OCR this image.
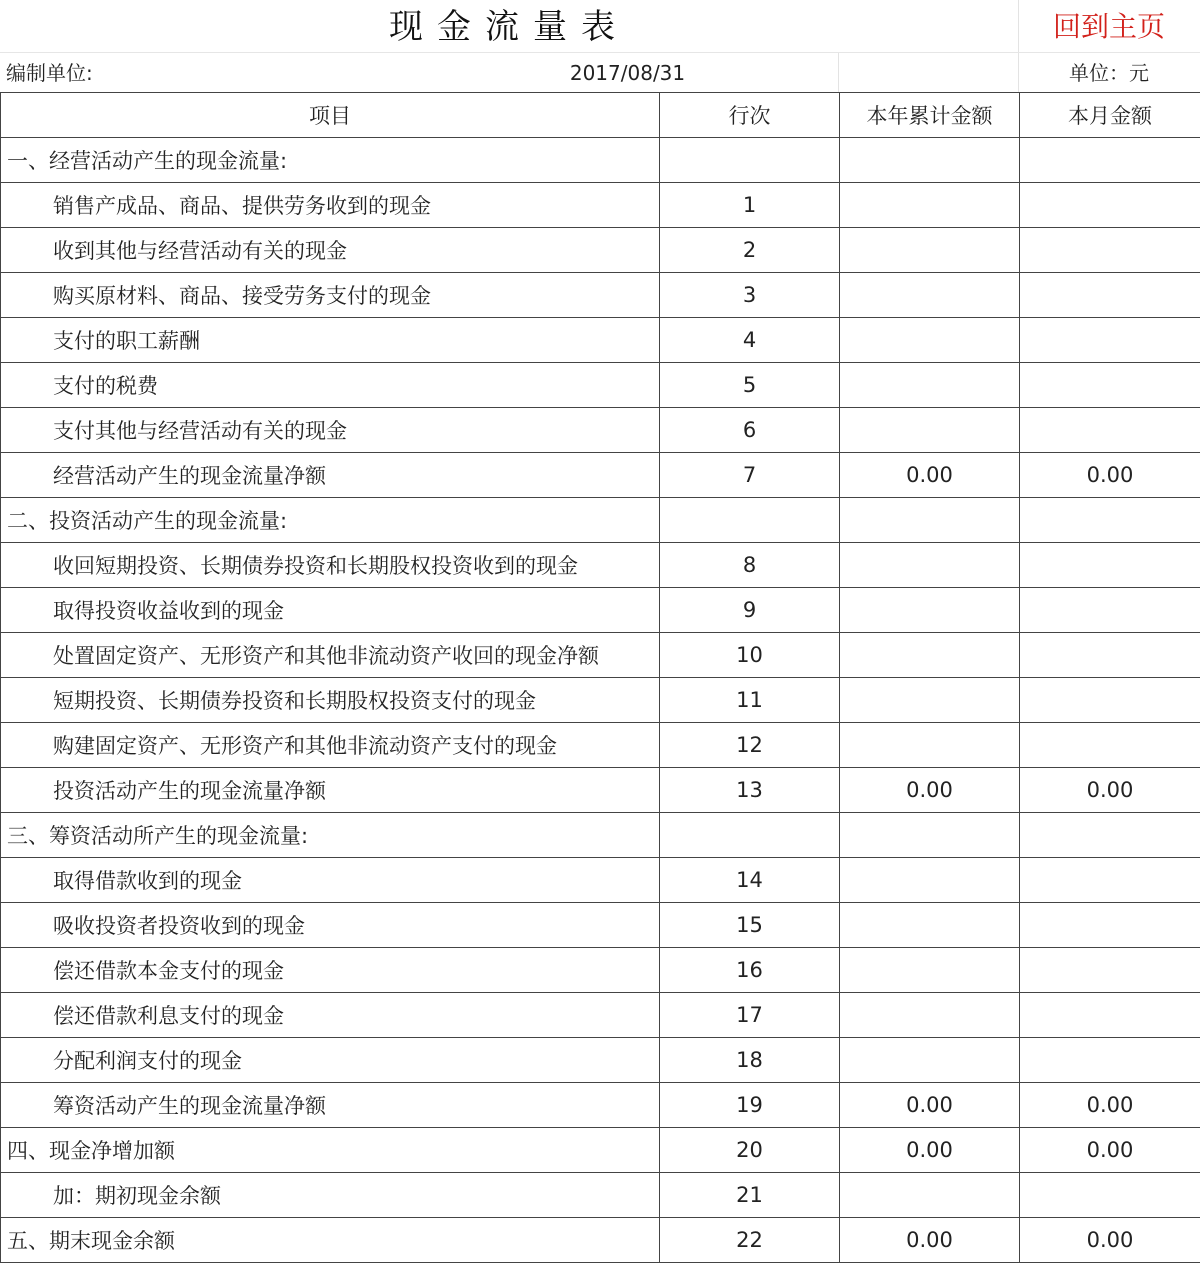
现金流量表	回到主页
编制单位:	2017/08/31	单位：元
项目	行次	本年累计金额	本月金额
一、经营活动产生的现金流量:			
销售产成品、商品、提供劳务收到的现金	1		
收到其他与经营活动有关的现金	2		
购买原材料、商品、接受劳务支付的现金	3		
支付的职工薪酬	4		
支付的税费	5		
支付其他与经营活动有关的现金	6		
经营活动产生的现金流量净额	7	0.00	0.00
二、投资活动产生的现金流量:			
收回短期投资、长期债券投资和长期股权投资收到的现金	8		
取得投资收益收到的现金	9		
处置固定资产、无形资产和其他非流动资产收回的现金净额	10		
短期投资、长期债券投资和长期股权投资支付的现金	11		
购建固定资产、无形资产和其他非流动资产支付的现金	12		
投资活动产生的现金流量净额	13	0.00	0.00
三、筹资活动所产生的现金流量:			
取得借款收到的现金	14		
吸收投资者投资收到的现金	15		
偿还借款本金支付的现金	16		
偿还借款利息支付的现金	17		
分配利润支付的现金	18		
筹资活动产生的现金流量净额	19	0.00	0.00
四、现金净增加额	20	0.00	0.00
加：期初现金余额	21		
五、期末现金余额	22	0.00	0.00
